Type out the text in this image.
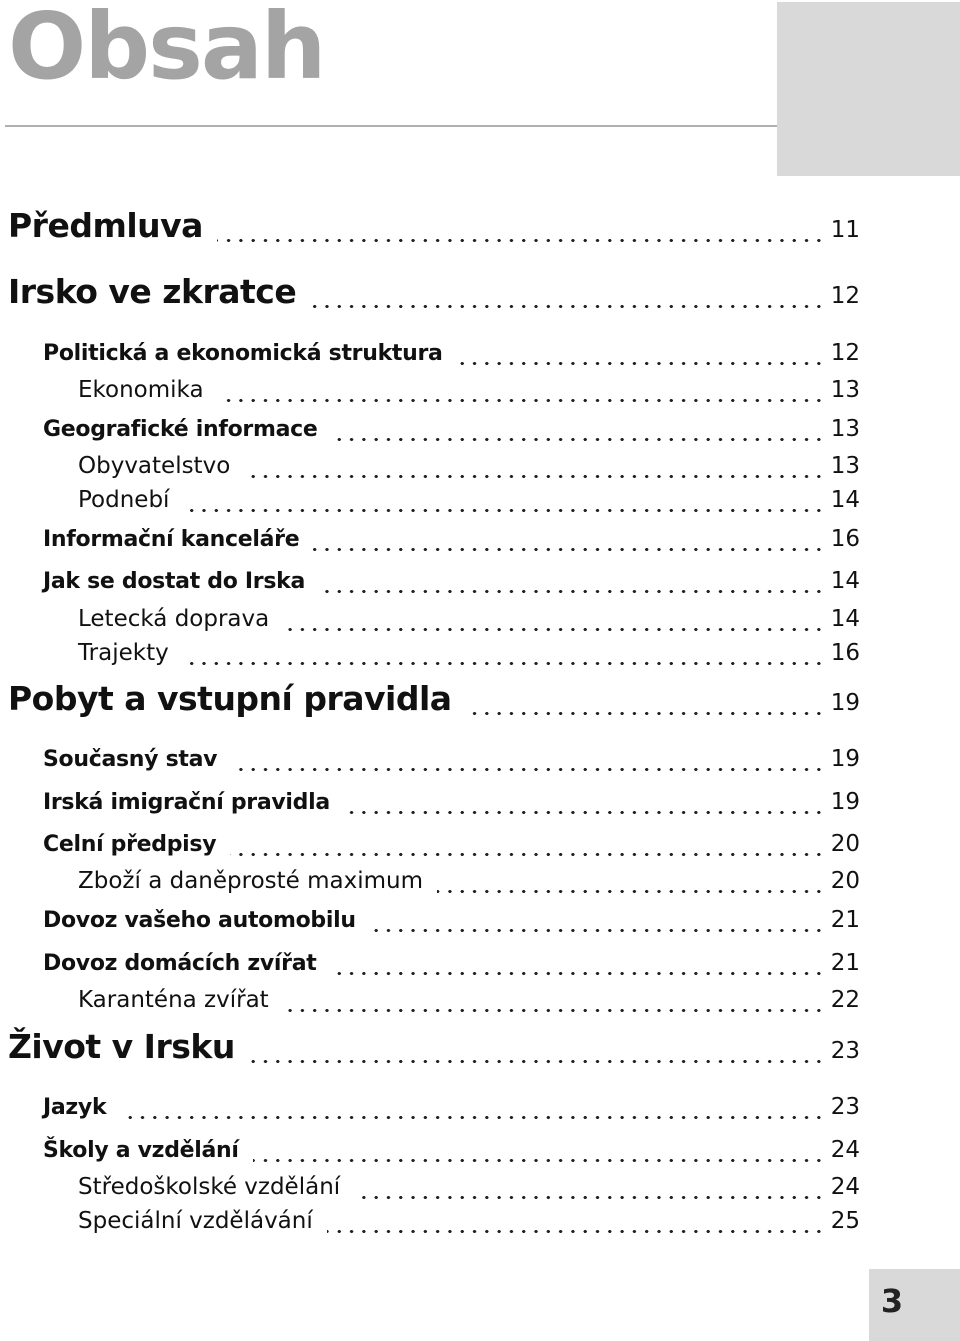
Obsah
Předmluva	11
Irsko ve zkratce	12
Politická a ekonomická struktura	12
Ekonomika	13
Geografické informace	13
Obyvatelstvo	13
Podnebí	14
Informační kanceláře	16
Jak se dostat do Irska	14
Letecká doprava	14
Trajekty	16
Pobyt a vstupní pravidla	19
Současný stav	19
Irská imigrační pravidla	19
Celní předpisy	20
Zboží a daněprosté maximum	20
Dovoz vašeho automobilu	21
Dovoz domácích zvířat	21
Karanténa zvířat	22
Život v Irsku	23
Jazyk	23
Školy a vzdělání	24
Středoškolské vzdělání	24
Speciální vzdělávání	25
3
